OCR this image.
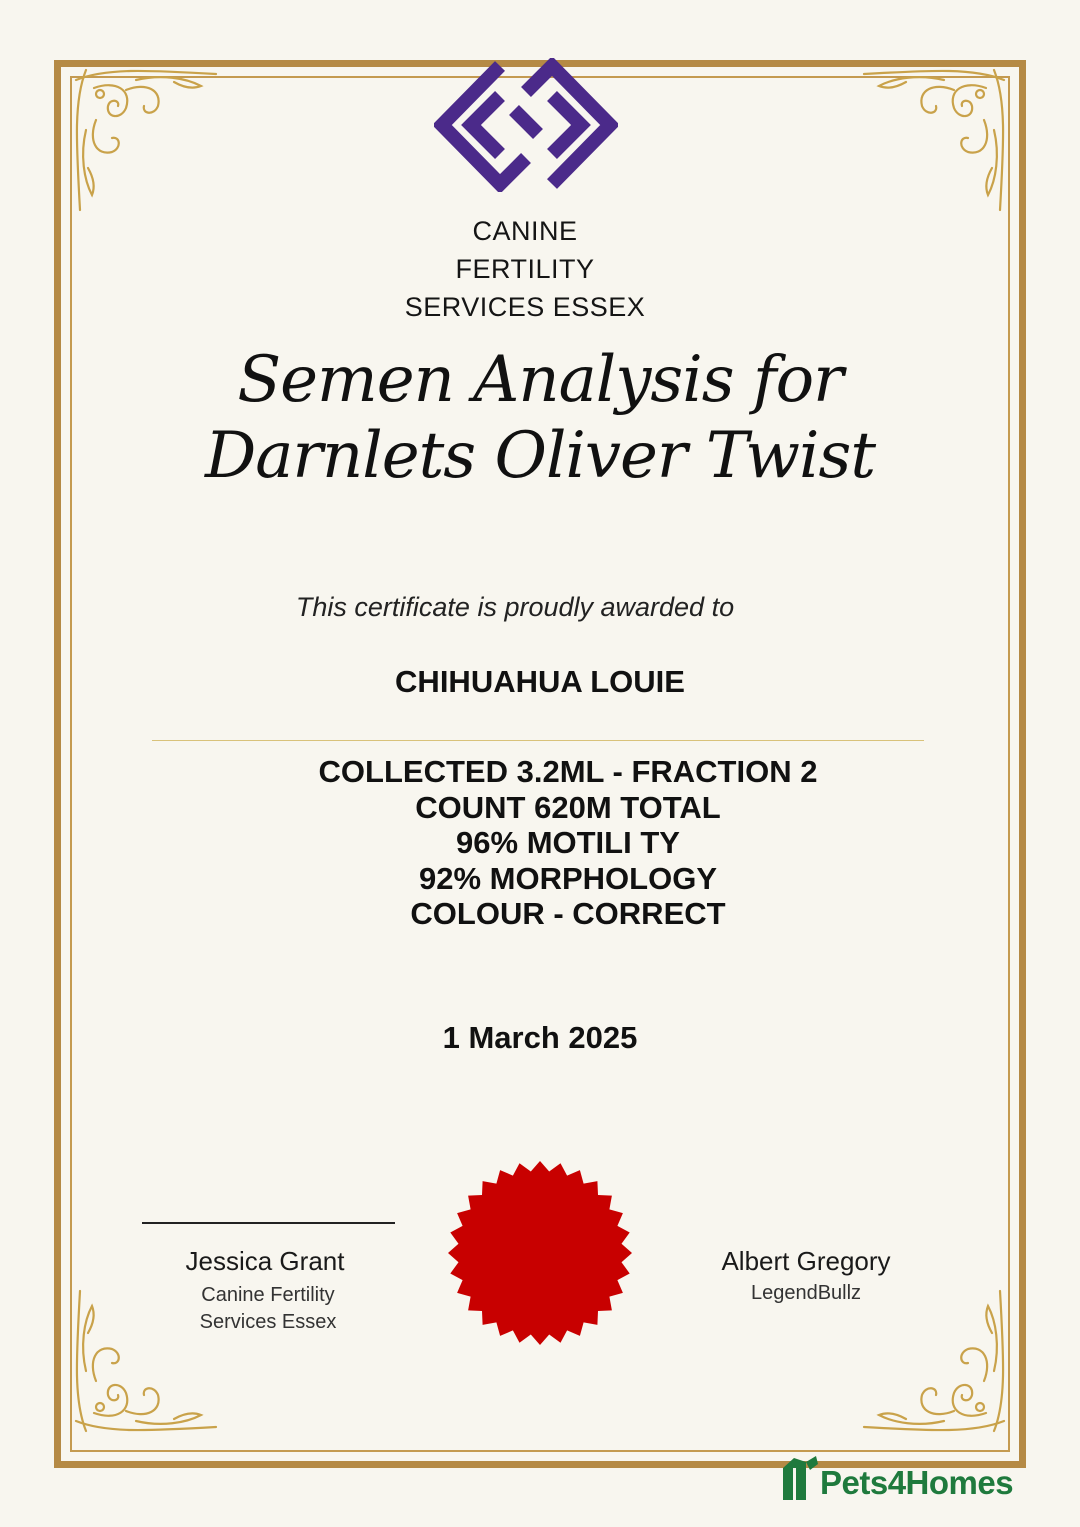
CANINE
FERTILITY
SERVICES ESSEX
Semen Analysis for
Darnlets Oliver Twist
This certificate is proudly awarded to
CHIHUAHUA LOUIE
COLLECTED 3.2ML - FRACTION 2
COUNT 620M TOTAL
96% MOTILI TY
92% MORPHOLOGY
COLOUR - CORRECT
1 March 2025
Jessica Grant
Canine Fertility
Services Essex
Albert Gregory
LegendBullz
Pets4Homes
